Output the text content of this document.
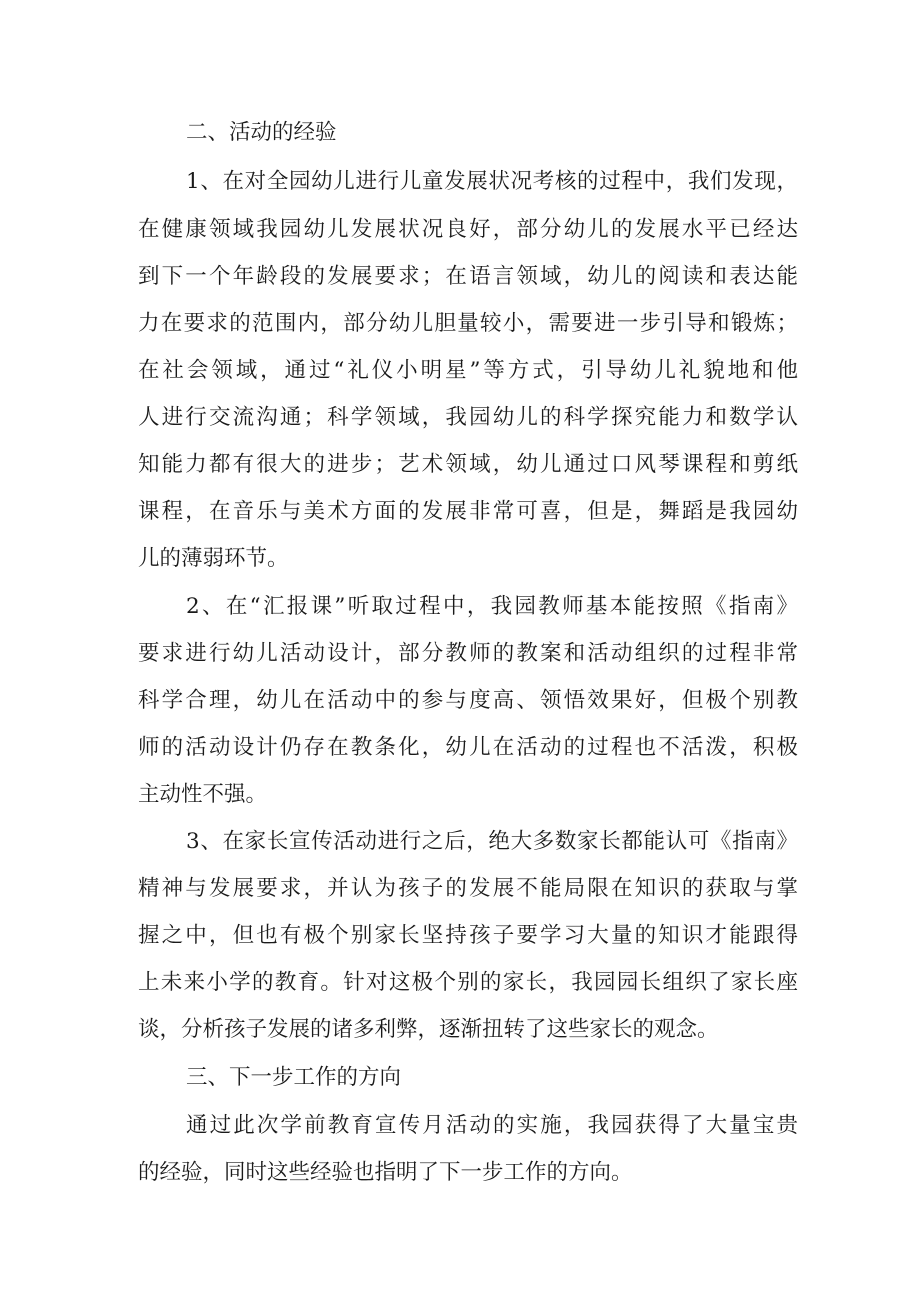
二、活动的经验
1、在对全园幼儿进行儿童发展状况考核的过程中，我们发现，
在健康领域我园幼儿发展状况良好，部分幼儿的发展水平已经达
到下一个年龄段的发展要求；在语言领域，幼儿的阅读和表达能
力在要求的范围内，部分幼儿胆量较小，需要进一步引导和锻炼；
在社会领域，通过“礼仪小明星”等方式，引导幼儿礼貌地和他
人进行交流沟通；科学领域，我园幼儿的科学探究能力和数学认
知能力都有很大的进步；艺术领域，幼儿通过口风琴课程和剪纸
课程，在音乐与美术方面的发展非常可喜，但是，舞蹈是我园幼
儿的薄弱环节。
2、在“汇报课”听取过程中，我园教师基本能按照《指南》
要求进行幼儿活动设计，部分教师的教案和活动组织的过程非常
科学合理，幼儿在活动中的参与度高、领悟效果好，但极个别教
师的活动设计仍存在教条化，幼儿在活动的过程也不活泼，积极
主动性不强。
3、在家长宣传活动进行之后，绝大多数家长都能认可《指南》
精神与发展要求，并认为孩子的发展不能局限在知识的获取与掌
握之中，但也有极个别家长坚持孩子要学习大量的知识才能跟得
上未来小学的教育。针对这极个别的家长，我园园长组织了家长座
谈，分析孩子发展的诸多利弊，逐渐扭转了这些家长的观念。
三、下一步工作的方向
通过此次学前教育宣传月活动的实施，我园获得了大量宝贵
的经验，同时这些经验也指明了下一步工作的方向。
